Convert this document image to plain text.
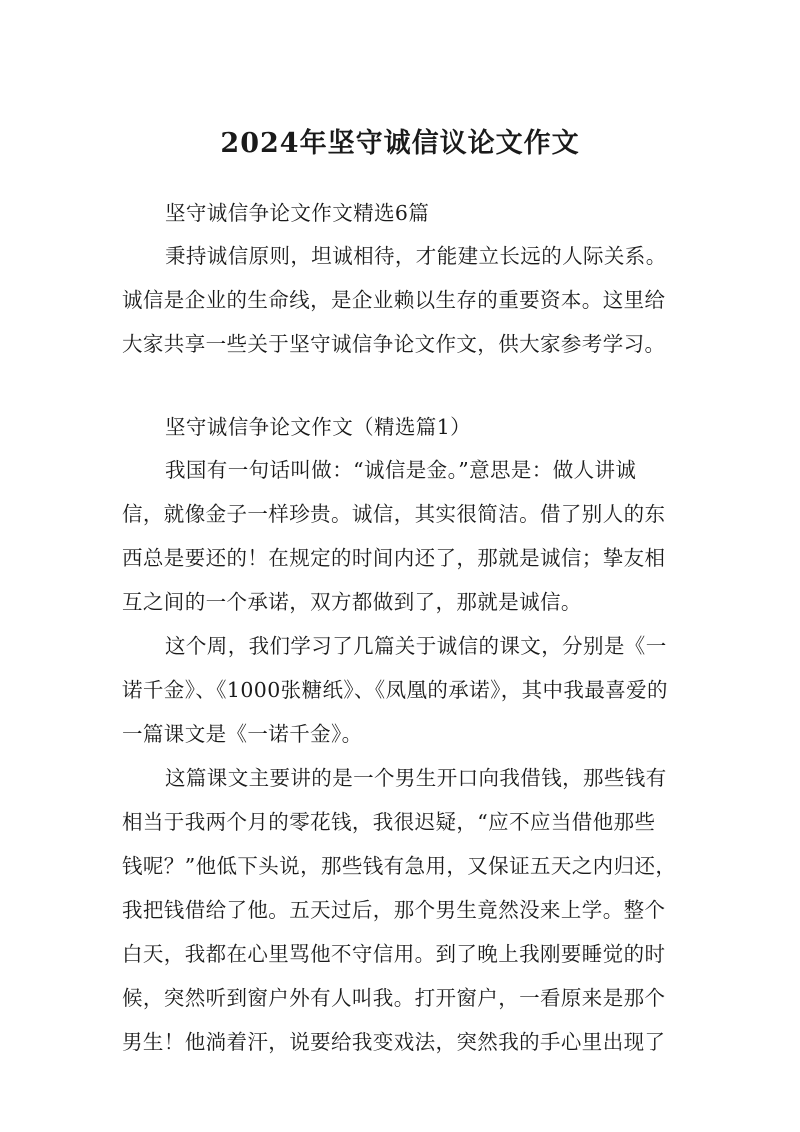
2024年坚守诚信议论文作文
坚守诚信争论文作文精选6篇
秉持诚信原则，坦诚相待，才能建立长远的人际关系。
诚信是企业的生命线，是企业赖以生存的重要资本。这里给
大家共享一些关于坚守诚信争论文作文，供大家参考学习。
坚守诚信争论文作文（精选篇1）
我国有一句话叫做：“诚信是金。”意思是：做人讲诚
信，就像金子一样珍贵。诚信，其实很简洁。借了别人的东
西总是要还的！在规定的时间内还了，那就是诚信；挚友相
互之间的一个承诺，双方都做到了，那就是诚信。
这个周，我们学习了几篇关于诚信的课文，分别是《一
诺千金》、《1000张糖纸》、《凤凰的承诺》，其中我最喜爱的
一篇课文是《一诺千金》。
这篇课文主要讲的是一个男生开口向我借钱，那些钱有
相当于我两个月的零花钱，我很迟疑，“应不应当借他那些
钱呢？”他低下头说，那些钱有急用，又保证五天之内归还，
我把钱借给了他。五天过后，那个男生竟然没来上学。整个
白天，我都在心里骂他不守信用。到了晚上我刚要睡觉的时
候，突然听到窗户外有人叫我。打开窗户，一看原来是那个
男生！他淌着汗，说要给我变戏法，突然我的手心里出现了
